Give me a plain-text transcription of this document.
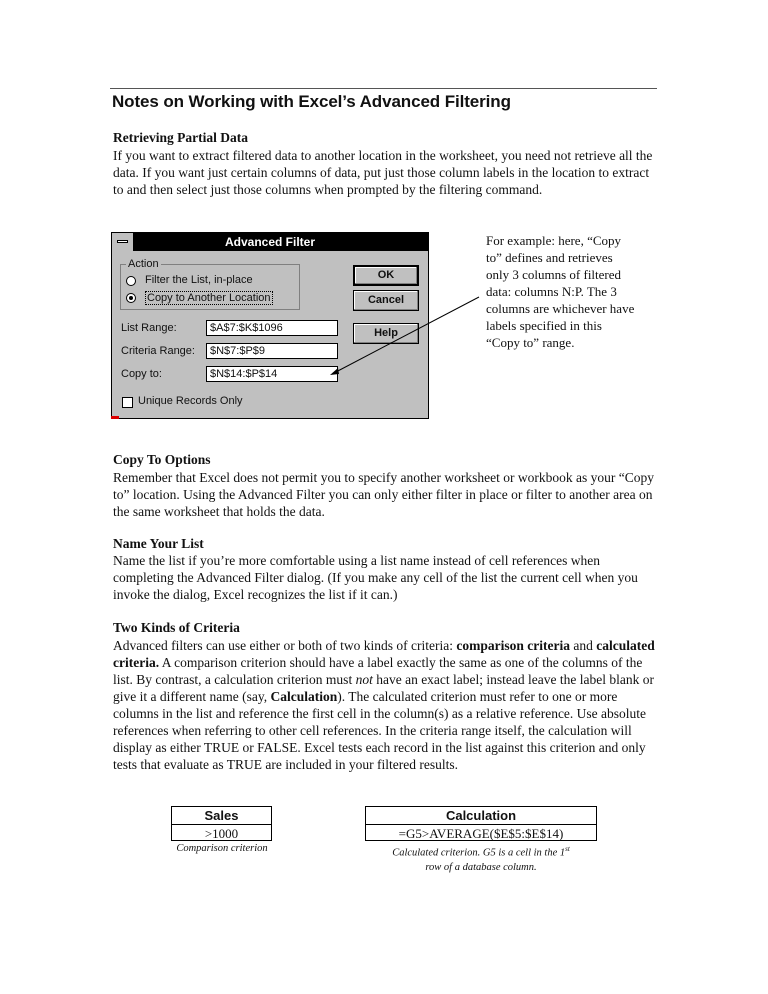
Notes on Working with Excel’s Advanced Filtering
Retrieving Partial Data
If you want to extract filtered data to another location in the worksheet, you need not retrieve all the data. If you want just certain columns of data, put just those column labels in the location to extract to and then select just those columns when prompted by the filtering command.
Advanced Filter
Action
Filter the List, in-place
Copy to Another Location
List Range:	$A$7:$K$1096
Criteria Range:	$N$7:$P$9
Copy to:	$N$14:$P$14
Unique Records Only
OK
Cancel
Help
For example: here, “Copy to” defines and retrieves only 3 columns of filtered data: columns N:P. The 3 columns are whichever have labels specified in this “Copy to” range.
Copy To Options
Remember that Excel does not permit you to specify another worksheet or workbook as your “Copy to” location. Using the Advanced Filter you can only either filter in place or filter to another area on the same worksheet that holds the data.
Name Your List
Name the list if you’re more comfortable using a list name instead of cell references when completing the Advanced Filter dialog. (If you make any cell of the list the current cell when you invoke the dialog, Excel recognizes the list if it can.)
Two Kinds of Criteria
Advanced filters can use either or both of two kinds of criteria: comparison criteria and calculated criteria. A comparison criterion should have a label exactly the same as one of the columns of the list. By contrast, a calculation criterion must not have an exact label; instead leave the label blank or give it a different name (say, Calculation). The calculated criterion must refer to one or more columns in the list and reference the first cell in the column(s) as a relative reference. Use absolute references when referring to other cell references. In the criteria range itself, the calculation will display as either TRUE or FALSE. Excel tests each record in the list against this criterion and only tests that evaluate as TRUE are included in your filtered results.
Sales
>1000
Comparison criterion
Calculation
=G5>AVERAGE($E$5:$E$14)
Calculated criterion. G5 is a cell in the 1st
row of a database column.
